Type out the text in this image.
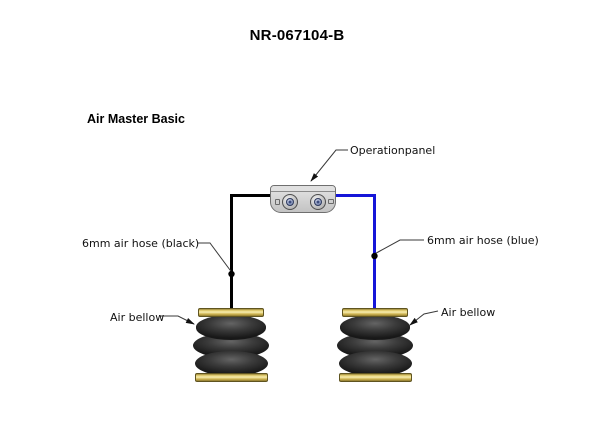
NR-067104-B
Air Master Basic
Operationpanel
6mm air hose (black)	6mm air hose (blue)
Air bellow	Air bellow
